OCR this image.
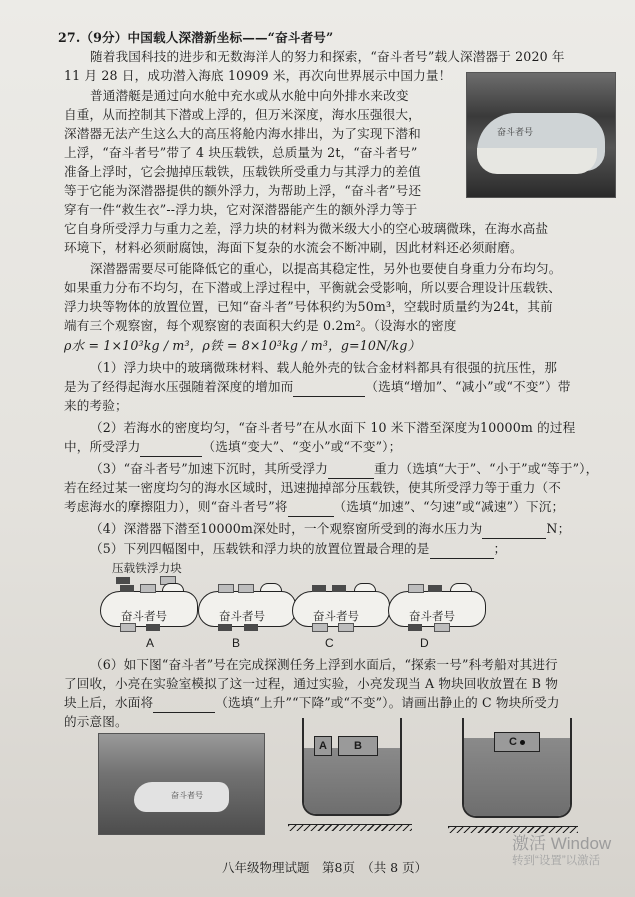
27.（9分）中国载人深潜新坐标——“奋斗者号”
随着我国科技的进步和无数海洋人的努力和探索，“奋斗者号”载人深潜器于 2020 年
11 月 28 日，成功潜入海底 10909 米，再次向世界展示中国力量！
普通潜艇是通过向水舱中充水或从水舱中向外排水来改变
自重，从而控制其下潜或上浮的，但万米深度，海水压强很大，
深潜器无法产生这么大的高压将舱内海水排出，为了实现下潜和
上浮，“奋斗者号”带了 4 块压载铁，总质量为 2t，“奋斗者号”
准备上浮时，它会抛掉压载铁，压载铁所受重力与其浮力的差值
等于它能为深潜器提供的额外浮力，为帮助上浮，“奋斗者”号还
穿有一件“救生衣”--浮力块，它对深潜器能产生的额外浮力等于
它自身所受浮力与重力之差，浮力块的材料为微米级大小的空心玻璃微珠，在海水高盐
环境下，材料必须耐腐蚀，海面下复杂的水流会不断冲刷，因此材料还必须耐磨。
奋斗者号
深潜器需要尽可能降低它的重心，以提高其稳定性，另外也要使自身重力分布均匀。
如果重力分布不均匀，在下潜或上浮过程中，平衡就会受影响，所以要合理设计压载铁、
浮力块等物体的放置位置，已知“奋斗者”号体积约为50m³，空载时质量约为24t，其前
端有三个观察窗，每个观察窗的表面积大约是 0.2m²。（设海水的密度
ρ水 = 1×10³kg / m³，ρ铁 = 8×10³kg / m³，g=10N/kg）
（1）浮力块中的玻璃微珠材料、载人舱外壳的钛合金材料都具有很强的抗压性，那
是为了经得起海水压强随着深度的增加而	（选填“增加”、“减小”或“不变”）带
来的考验；
（2）若海水的密度均匀，“奋斗者号”在从水面下 10 米下潜至深度为10000m 的过程
中，所受浮力	（选填“变大”、“变小”或“不变”）；
（3）“奋斗者号”加速下沉时，其所受浮力	重力（选填“大于”、“小于”或“等于”），
若在经过某一密度均匀的海水区域时，迅速抛掉部分压载铁，使其所受浮力等于重力（不
考虑海水的摩擦阻力），则“奋斗者号”将	（选填“加速”、“匀速”或“减速”）下沉；
（4）深潜器下潜至10000m深处时，一个观察窗所受到的海水压力为	N；
（5）下列四幅图中，压载铁和浮力块的放置位置最合理的是	；
压载铁浮力块
奋斗者号
A
奋斗者号
B
奋斗者号
C
奋斗者号
D
（6）如下图“奋斗者”号在完成探测任务上浮到水面后，“探索一号”科考船对其进行
了回收，小亮在实验室模拟了这一过程，通过实验，小亮发现当 A 物块回收放置在 B 物
块上后，水面将	（选填“上升”“下降”或“不变”）。请画出静止的 C 物块所受力
的示意图。
奋斗者号
A	B	C
八年级物理试题　第8页　（共 8 页）
激活 Window
转到“设置”以激活
